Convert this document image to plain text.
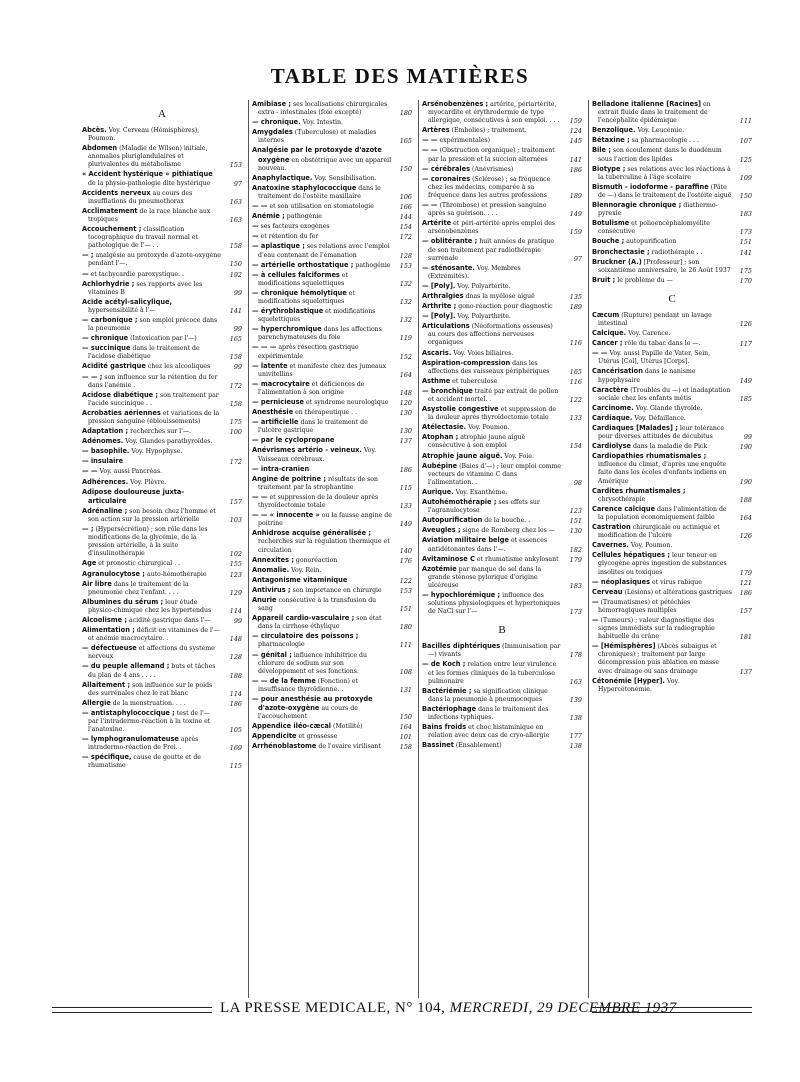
TABLE DES MATIÈRES
A
Abcès. Voy. Cerveau (Hémisphères), Poumon.
Abdomen (Maladie de Wilson) initiale, anomalies pluriglandulaires et plurivalentes du métabolisme	153
« Accident hystérique » pithiatique de la physio-pathologie dite hystérique	97
Accidents nerveux au cours des insufflations du pneumothorax	163
Acclimatement de la race blanche aux tropiques	163
Accouchement ; classification tocographique du travail normal et pathologique de l'— . .	158
— ; analgésie au protoxyde d'azote-oxygène pendant l'—.	150
— et tachycardie paroxystique. .	192
Achlorhydrie ; ses rapports avec les vitamines B	99
Acide acétyl-salicylique, hypersensibilité à l'—	141
— carbonique ; son emploi précoce dans la pneumonie	99
— chronique (Intoxication par l'—)	165
— succinique dans le traitement de l'acidose diabétique	158
Acidité gastrique chez les alcooliques	99
— — ; son influence sur la rétention du fer dans l'anémie .	172
Acidose diabétique ; son traitement par l'acide succinique . .	158
Acrobaties aériennes et variations de la pression sanguine (éblouissements)	175
Adaptation ; recherches sur l'—.	100
Adénomes. Voy. Glandes parathyroïdes.
— basophile. Voy. Hypophyse.
— insulaire	172
— — Voy. aussi Pancréas.
Adhérences. Voy. Plèvre.
Adipose douloureuse juxta-articulaire	157
Adrénaline ; son besoin chez l'homme et son action sur la pression artérielle	103
— ; (Hypersécrétion) ; son rôle dans les modifications de la glycémie, de la pression artérielle, à la suite d'insulinothérapie	102
Age et pronostic chirurgical . .	155
Agranulocytose ; auto-hémothérapie	123
Air libre dans le traitement de la pneumonie chez l'enfant. . . .	129
Albumines du sérum ; leur étude physico-chimique chez les hypertendus	114
Alcoolisme ; acidité gastrique dans l'—	99
Alimentation ; déficit en vitamines de l'— et anémie macrocytaire. .	148
— défectueuse et affections du système nerveux	128
— du peuple allemand ; buts et tâches du plan de 4 ans . . . .	188
Allaitement ; son influence sur le poids des surrénales chez le rat blanc	114
Allergie de la menstruation. . . .	186
— antistaphylococcique ; test de l'— par l'intradermo-réaction à la toxine et l'anatoxine.	105
— lymphogranulomateuse après intradermo-réaction de Frei. .	169
— spécifique, cause de goutte et de rhumatisme	115
Amibiase ; ses localisations chirurgicales extra - intestinales (foie excepté)	180
— chronique. Voy. Intestin.
Amygdales (Tuberculose) et maladies internes	165
Analgésie par le protoxyde d'azote oxygène en obstétrique avec un appareil nouveau.	150
Anaphylactique. Voy. Sensibilisation.
Anatoxine staphylococcique dans le traitement de l'ostéite maxillaire	106
— — et son utilisation en stomatologie	166
Anémie ; pathogénie	144
— ses facteurs exogènes	154
— et rétention du fer	172
— aplastique ; ses relations avec l'emploi d'eau contenant de l'émanation	128
— artérielle orthostatique ; pathogénie 153
— à cellules falciformes et modifications squelettiques	132
— chronique hémolytique et modifications squelettiques	132
— érythroblastique et modifications squelettiques	132
— hyperchromique dans les affections parenchymateuses du foie	119
— — — après résection gastrique expérimentale	152
— latente et manifeste chez des jumeaux univitellins	164
— macrocytaire et déficiences de l'alimentation à son origine	148
— pernicieuse et syndrome neurologique 120
Anesthésie en thérapeutique . .	130
— artificielle dans le traitement de l'ulcère gastrique	130
— par le cyclopropane	137
Anévrismes artério - veineux. Voy. Vaisseaux cérébraux.
— intra-cranien	186
Angine de poitrine ; résultats de son traitement par la strophantine	115
— — et suppression de la douleur après thyroïdectomie totale	133
— — « innocente » ou la fausse angine de poitrine	149
Anhidrose acquise généralisée ; recherches sur la régulation thermique et circulation	140
Annexites ; gonoréaction	176
Anomalie. Voy. Rein.
Antagonisme vitaminique	122
Antivirus ; son importance en chirurgie	153
Anurie consécutive à la transfusion du sang	151
Appareil cardio-vasculaire ; son état dans la cirrhose éthylique	180
— circulatoire des poissons ; pharmacologie	111
— génital ; influence inhibitrice du chlorure de sodium sur son développement et ses fonctions.	108
— — de la femme (Fonction) et insuffisance thyroïdienne. .	131
— pour anesthésie au protoxyde d'azote-oxygène au cours de l'accouchement	150
Appendice iléo-cæcal (Motilité)	164
Appendicite et grossesse	101
Arrhénoblastome de l'ovaire virilisant	158
Arsénobenzènes ; artérite, périartérite, myocardite et érythrodermie de type allergique, consécutives à son emploi. . . . 159
Artères (Embolies) ; traitement.	124
— — expérimentales)	145
— — (Obstruction organique) ; traitement par la pression et la succion alternées	141
— cérébrales (Anévrismes)	186
— coronaires (Sclérose) ; sa fréquence chez les médecins, comparée à sa fréquence dans les autres professions	189
— — (Thrombose) et pression sanguine après sa guérison. . . .	149
Artérite et péri-artérite après emploi des arsénobenzènes	159
— oblitérante ; huit années de pratique de son traitement par radiothérapie surrénale	97
— sténosante. Voy. Membres (Extrémités).
— [Poly]. Voy. Polyartérite.
Arthralgies dnas la myélose aiguë	135
Arthrite ; gono-réaction pour diagnostic	189
— [Poly]. Voy. Polyarthrite.
Articulations (Néoformations osseuses) au cours des affections nerveuses organiques	116
Ascaris. Voy. Voies biliaires.
Aspiration-compression dans les affections des vaisseaux périphériques	165
Asthme et tuberculose	116
— bronchique traité par extrait de pollen et accident mortel. .	122
Asystolie congestive et suppression de la douleur après thyroïdectomie totale	133
Atélectasie. Voy. Poumon.
Atophan ; atrophie jaune aiguë consécutive à son emploi	154
Atrophie jaune aiguë. Voy. Foie.
Aubépine (Baies d'—) ; leur emploi comme vecteurs de vitamine C dans l'alimentation. .	98
Aurique. Voy. Exanthème.
Autohémothérapie ; ses effets sur l'agranulocytose	123
Autopurification de la bouche. .	151
Aveugles ; signe de Romberg chez les — 130
Aviation militaire belge et essences antidétonantes dans l'—.	182
Avitaminose C et rhumatisme ankylosant 179
Azotémie par manque de sel dans la grande sténose pylorique d'origine ulcéreuse	183
— hypochlorémique ; influence des solutions physiologiques et hypertoniques de NaCl sur l'—	173
B
Bacilles diphtériques (Immunisation par —) vivants	178
— de Koch ; relation entre leur virulence et les formes cliniques de la tuberculose pulmonaire	163
Bactériémie ; sa signification clinique dans la pneumonie à pneumocoques	139
Bactériophage dans le traitement des infections typhiques.	138
Bains froids et choc histaminique en relation avec deux cas de cryo-allergie	177
Bassinet (Ensablement)	138
Belladone italienne [Racines] en extrait fluide dans le traitement de l'encéphalite épidémique	111
Benzolique. Voy. Leucémie.
Bétaxine ; sa pharmacologie . . .	107
Bile ; son écoulement dans le duodénum sous l'action des lipides	125
Biotype ; ses relations avec les réactions à la tuberculine à l'âge scolaire	109
Bismuth - iodoforme - paraffine (Pâte de —) dans le traitement de l'ostéite aiguë 150
Blennoragie chronique ; diathermo-pyrexie	183
Botulisme et polioencéphalomyélite consécutive	173
Bouche ; autopurification	151
Bronchectasie ; radiothérapie . .	141
Bruckner (A.) [Professeur] ; son soixantième anniversaire, le 26 Août 1937 175
Bruit ; le problème du —	170
C
Cæcum (Rupture) pendant un lavage intestinal	126
Calcique. Voy. Carence.
Cancer ; rôle du tabac dans le —.	117
— — Voy. aussi Papille de Vater, Sein, Utérus [Col], Utérus [Corps].
Cancérisation dans le nanisme hypophysaire	149
Caractère (Troubles du —) et inadaptation sociale chez les enfants métis	185
Carcinome. Voy. Glande thyroïde.
Cardiaque. Voy. Défaillance.
Cardiaques [Malades] ; leur tolérance pour diverses attitudes de décubitus	99
Cardiolyse dans la maladie de Pick	190
Cardiopathies rhumatismales ; influence du climat, d'après une enquête faite dans les écoles d'enfants indiens en Amérique	190
Cardites rhumatismales ; chrysothérapie	188
Carence calcique dans l'alimentation de la population économiquement faible	164
Castration chirurgicale ou actinique et modification de l'ulcère	126
Cavernes. Voy. Poumon.
Cellules hépatiques ; leur teneur en glycogène après ingestion de substances insolites ou toxiques	179
— néoplasiques et virus rabique	121
Cerveau (Lésions) et altérations gastriques 186
— (Traumatismes) et pétéchies hémorragiques multiples	157
— (Tumeurs) ; valeur diagnostique des signes immédiats sur la radiographie habituelle du crâne	181
— [Hémisphères] (Abcès subaigus et chroniques) ; traitement par large décompression puis ablation en masse avec drainage ou sans drainage	137
Cétonémie [Hyper]. Voy. Hypercétonémie.
LA PRESSE MEDICALE, N° 104, MERCREDI, 29 DECEMBRE 1937
